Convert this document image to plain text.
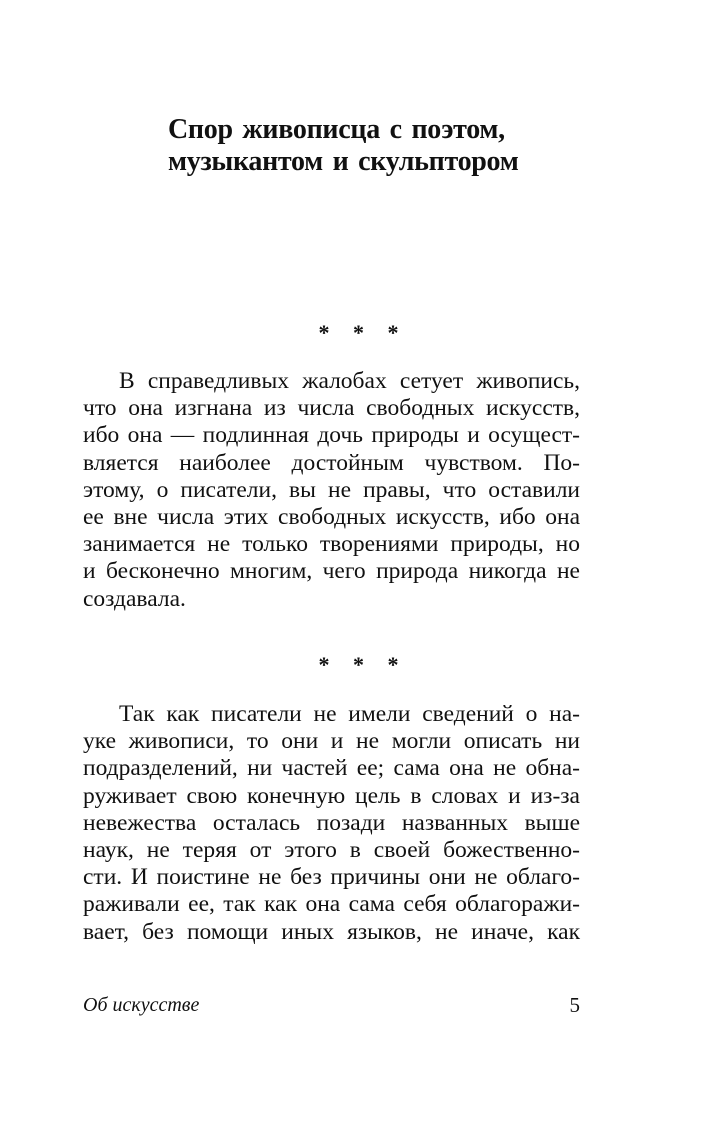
Спор живописца с поэтом,
музыкантом и скульптором
* * *
В справедливых жалобах сетует живопись,
что она изгнана из числа свободных искусств,
ибо она — подлинная дочь природы и осущест-
вляется наиболее достойным чувством. По-
этому, о писатели, вы не правы, что оставили
ее вне числа этих свободных искусств, ибо она
занимается не только творениями природы, но
и бесконечно многим, чего природа никогда не
создавала.
* * *
Так как писатели не имели сведений о на-
уке живописи, то они и не могли описать ни
подразделений, ни частей ее; сама она не обна-
руживает свою конечную цель в словах и из-за
невежества осталась позади названных выше
наук, не теряя от этого в своей божественно-
сти. И поистине не без причины они не облаго-
раживали ее, так как она сама себя облагоражи-
вает, без помощи иных языков, не иначе, как
Об искусстве	5
